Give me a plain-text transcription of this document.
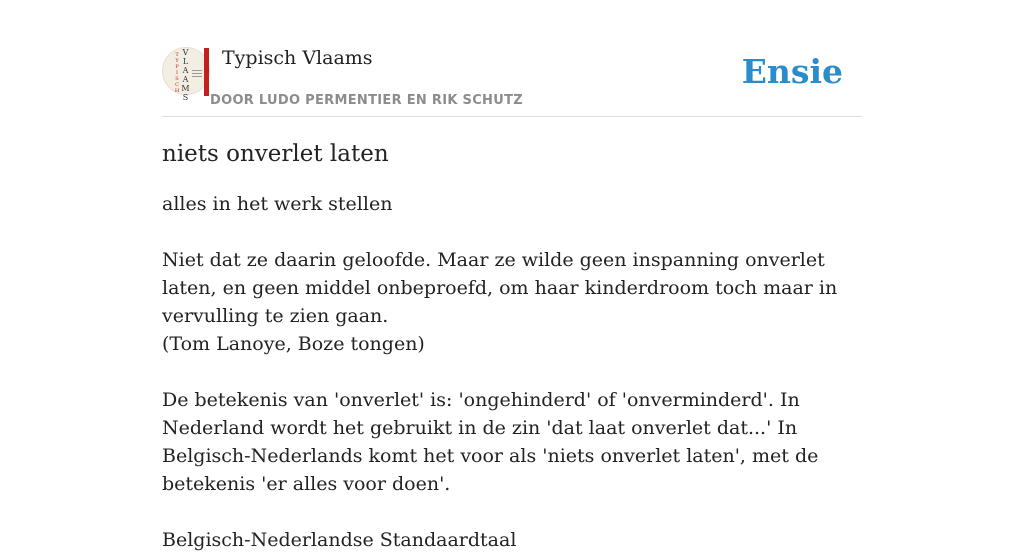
T
Y
P
I
S
C
H
V
L
A
A
M
S
Typisch Vlaams
DOOR LUDO PERMENTIER EN RIK SCHUTZ
Ensie
niets onverlet laten

alles in het werk stellen

Niet dat ze daarin geloofde. Maar ze wilde geen inspanning onverlet laten, en geen middel onbeproefd, om haar kinderdroom toch maar in vervulling te zien gaan.

(Tom Lanoye, Boze tongen)

De betekenis van 'onverlet' is: 'ongehinderd' of 'onverminderd'. In Nederland wordt het gebruikt in de zin 'dat laat onverlet dat...' In Belgisch-Nederlands komt het voor als 'niets onverlet laten', met de betekenis 'er alles voor doen'.

Belgisch-Nederlandse Standaardtaal
